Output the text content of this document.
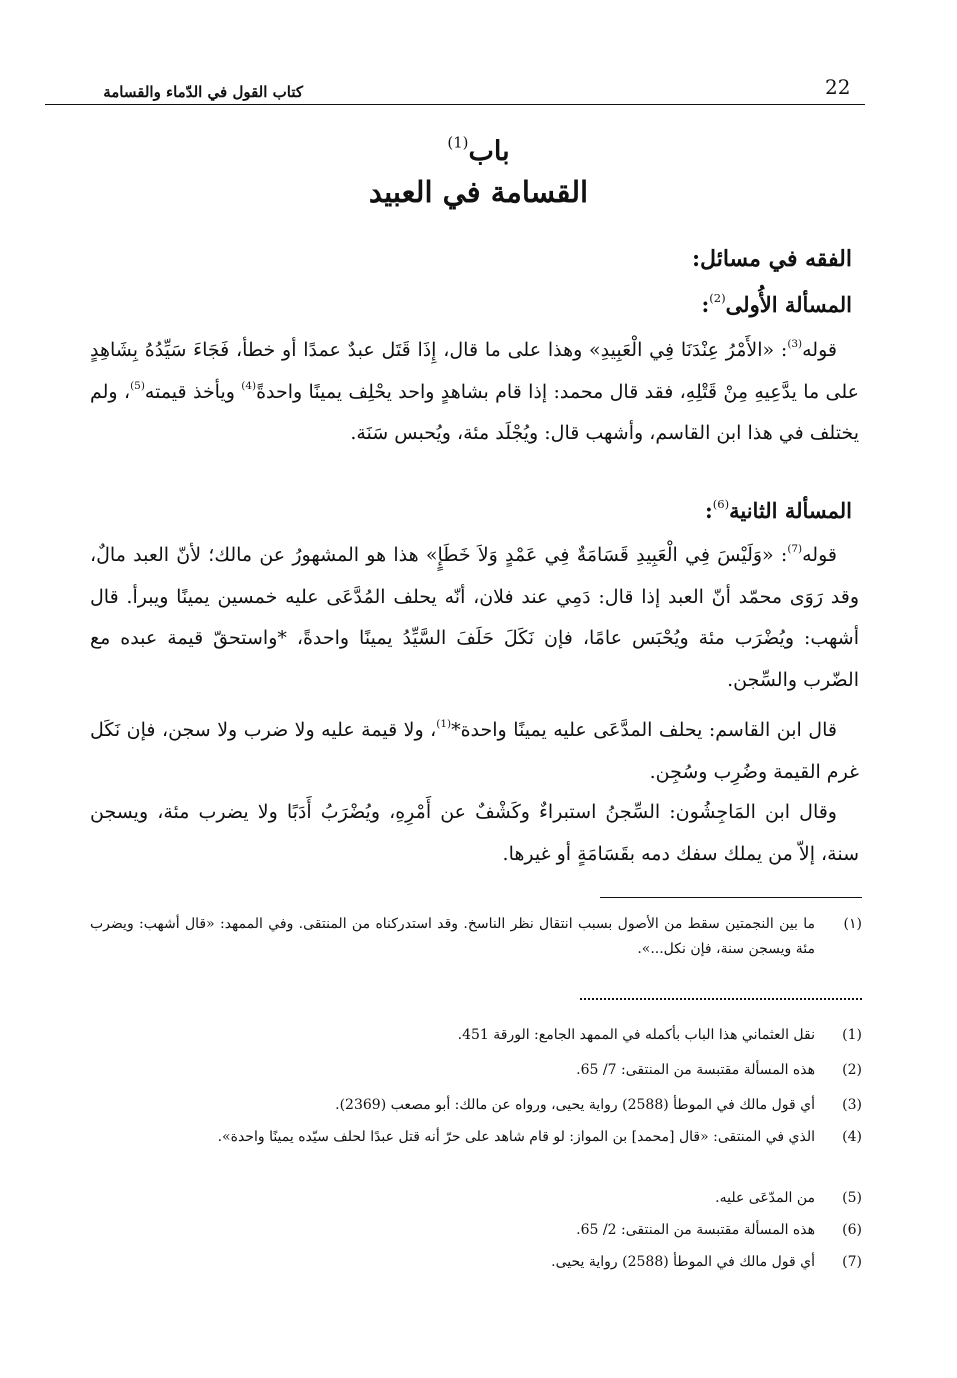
22
كتاب القول في الدّماء والقسامة
باب$^{(1)}$
القسامة في العبيد
الفقه في مسائل:
المسألة الأُولى$^{(2)}$:

قوله$^{(3)}$: «الأَمْرُ عِنْدَنَا فِي الْعَبِيدِ» وهذا على ما قال، إِذَا قَتَل عبدٌ عمدًا أو خطأ، فَجَاءَ سَيِّدُهُ بِشَاهِدٍ على ما يدَّعِيهِ مِنْ قَتْلِهِ، فقد قال محمد: إذا قام بشاهدٍ واحد يحْلِف يمينًا واحدةً$^{(4)}$ ويأخذ قيمته$^{(5)}$، ولم يختلف في هذا ابن القاسم، وأشهب قال: ويُجْلَد مئة، ويُحبس سَنَة.

المسألة الثانية$^{(6)}$:

قوله$^{(7)}$: «وَلَيْسَ فِي الْعَبِيدِ قَسَامَةٌ فِي عَمْدٍ وَلاَ خَطَإٍ» هذا هو المشهورُ عن مالك؛ لأنّ العبد مالٌ، وقد رَوَى محمّد أنّ العبد إذا قال: دَمِي عند فلان، أنّه يحلف المُدَّعَى عليه خمسين يمينًا ويبرأ. قال أشهب: ويُضْرَب مئة ويُحْبَس عامًا، فإن نَكَلَ حَلَفَ السَّيِّدُ يمينًا واحدةً، *واستحقّ قيمة عبده مع الضّرب والسِّجن.

قال ابن القاسم: يحلف المدَّعَى عليه يمينًا واحدة*$^{(1)}$، ولا قيمة عليه ولا ضرب ولا سجن، فإن نَكَل غرم القيمة وضُرِب وسُجِن.

وقال ابن المَاجِشُون: السِّجنُ استبراءٌ وكَشْفٌ عن أَمْرِهِ، ويُضْرَبُ أَدَبًا ولا يضرب مئة، ويسجن سنة، إلاّ من يملك سفك دمه بقَسَامَةٍ أو غيرها.

(١)
ما بين النجمتين سقط من الأصول بسبب انتقال نظر الناسخ. وقد استدركناه من المنتقى. وفي الممهد: «قال أشهب: ويضرب مئة ويسجن سنة، فإن نكل...».
(1)
نقل العثماني هذا الباب بأكمله في الممهد الجامع: الورقة 451.
(2)
هذه المسألة مقتبسة من المنتقى: 7/ 65.
(3)
أي قول مالك في الموطأ (2588) رواية يحيى، ورواه عن مالك: أبو مصعب (2369).
(4)
الذي في المنتقى: «قال [محمد] بن المواز: لو قام شاهد على حرّ أنه قتل عبدًا لحلف سيّده يمينًا واحدة».
(5)
من المدّعَى عليه.
(6)
هذه المسألة مقتبسة من المنتقى: 2/ 65.
(7)
أي قول مالك في الموطأ (2588) رواية يحيى.
